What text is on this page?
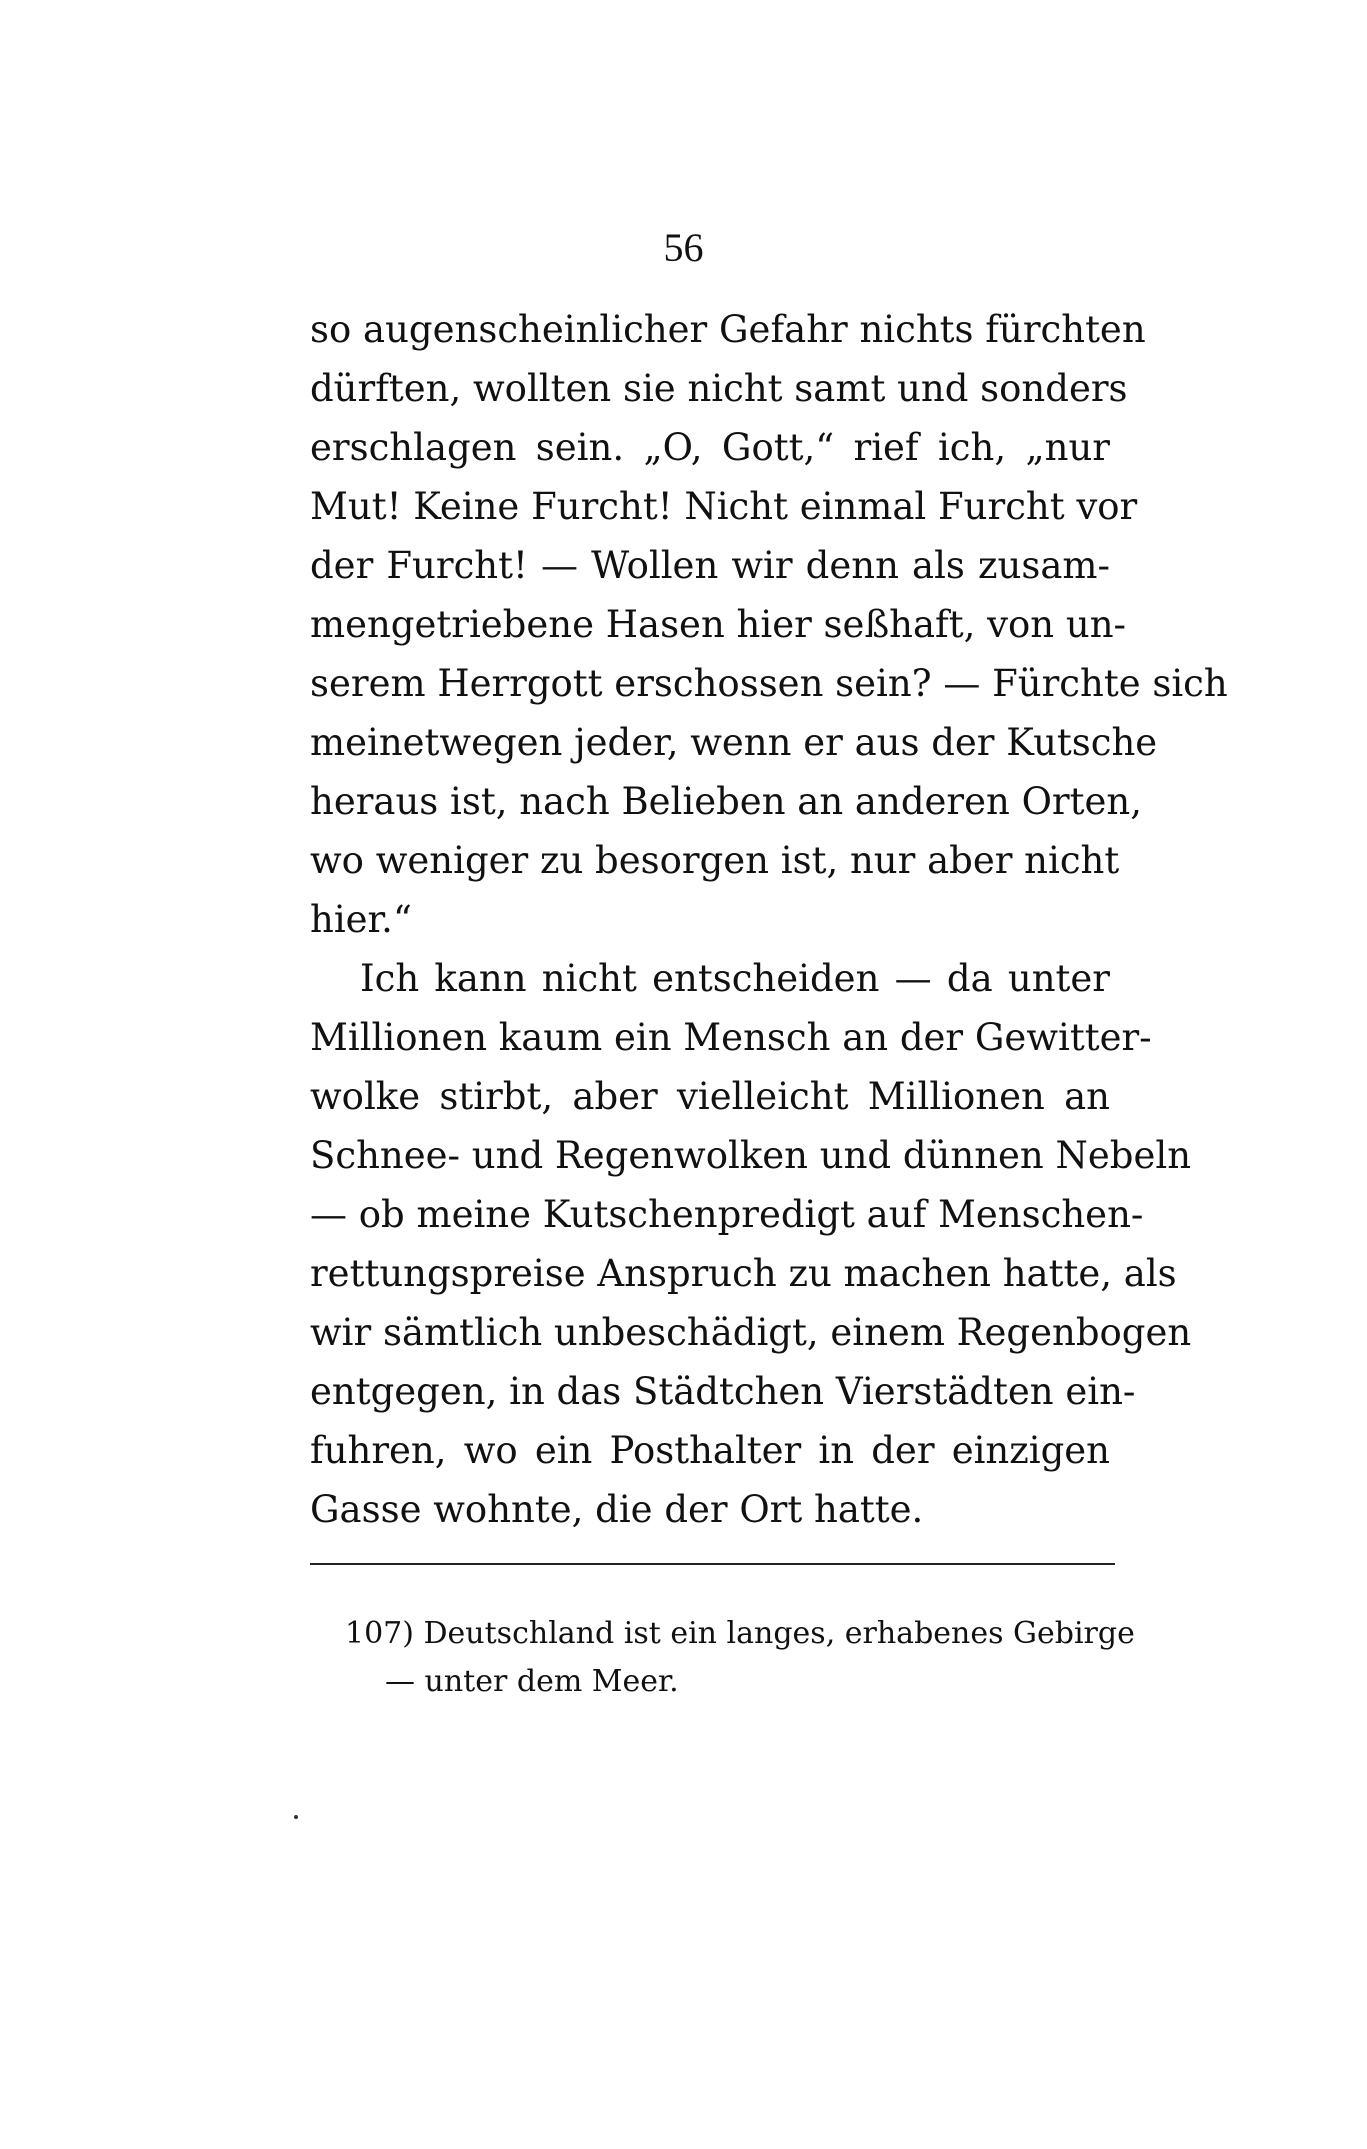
56
so augenscheinlicher Gefahr nichts fürchten
dürften, wollten sie nicht samt und sonders
erschlagen sein. „O, Gott,“ rief ich, „nur
Mut! Keine Furcht! Nicht einmal Furcht vor
der Furcht! — Wollen wir denn als zusam-
mengetriebene Hasen hier seßhaft, von un-
serem Herrgott erschossen sein? — Fürchte sich
meinetwegen jeder, wenn er aus der Kutsche
heraus ist, nach Belieben an anderen Orten,
wo weniger zu besorgen ist, nur aber nicht
hier.“
Ich kann nicht entscheiden — da unter
Millionen kaum ein Mensch an der Gewitter-
wolke stirbt, aber vielleicht Millionen an
Schnee- und Regenwolken und dünnen Nebeln
— ob meine Kutschenpredigt auf Menschen-
rettungspreise Anspruch zu machen hatte, als
wir sämtlich unbeschädigt, einem Regenbogen
entgegen, in das Städtchen Vierstädten ein-
fuhren, wo ein Posthalter in der einzigen
Gasse wohnte, die der Ort hatte.
107) Deutschland ist ein langes, erhabenes Gebirge
— unter dem Meer.
